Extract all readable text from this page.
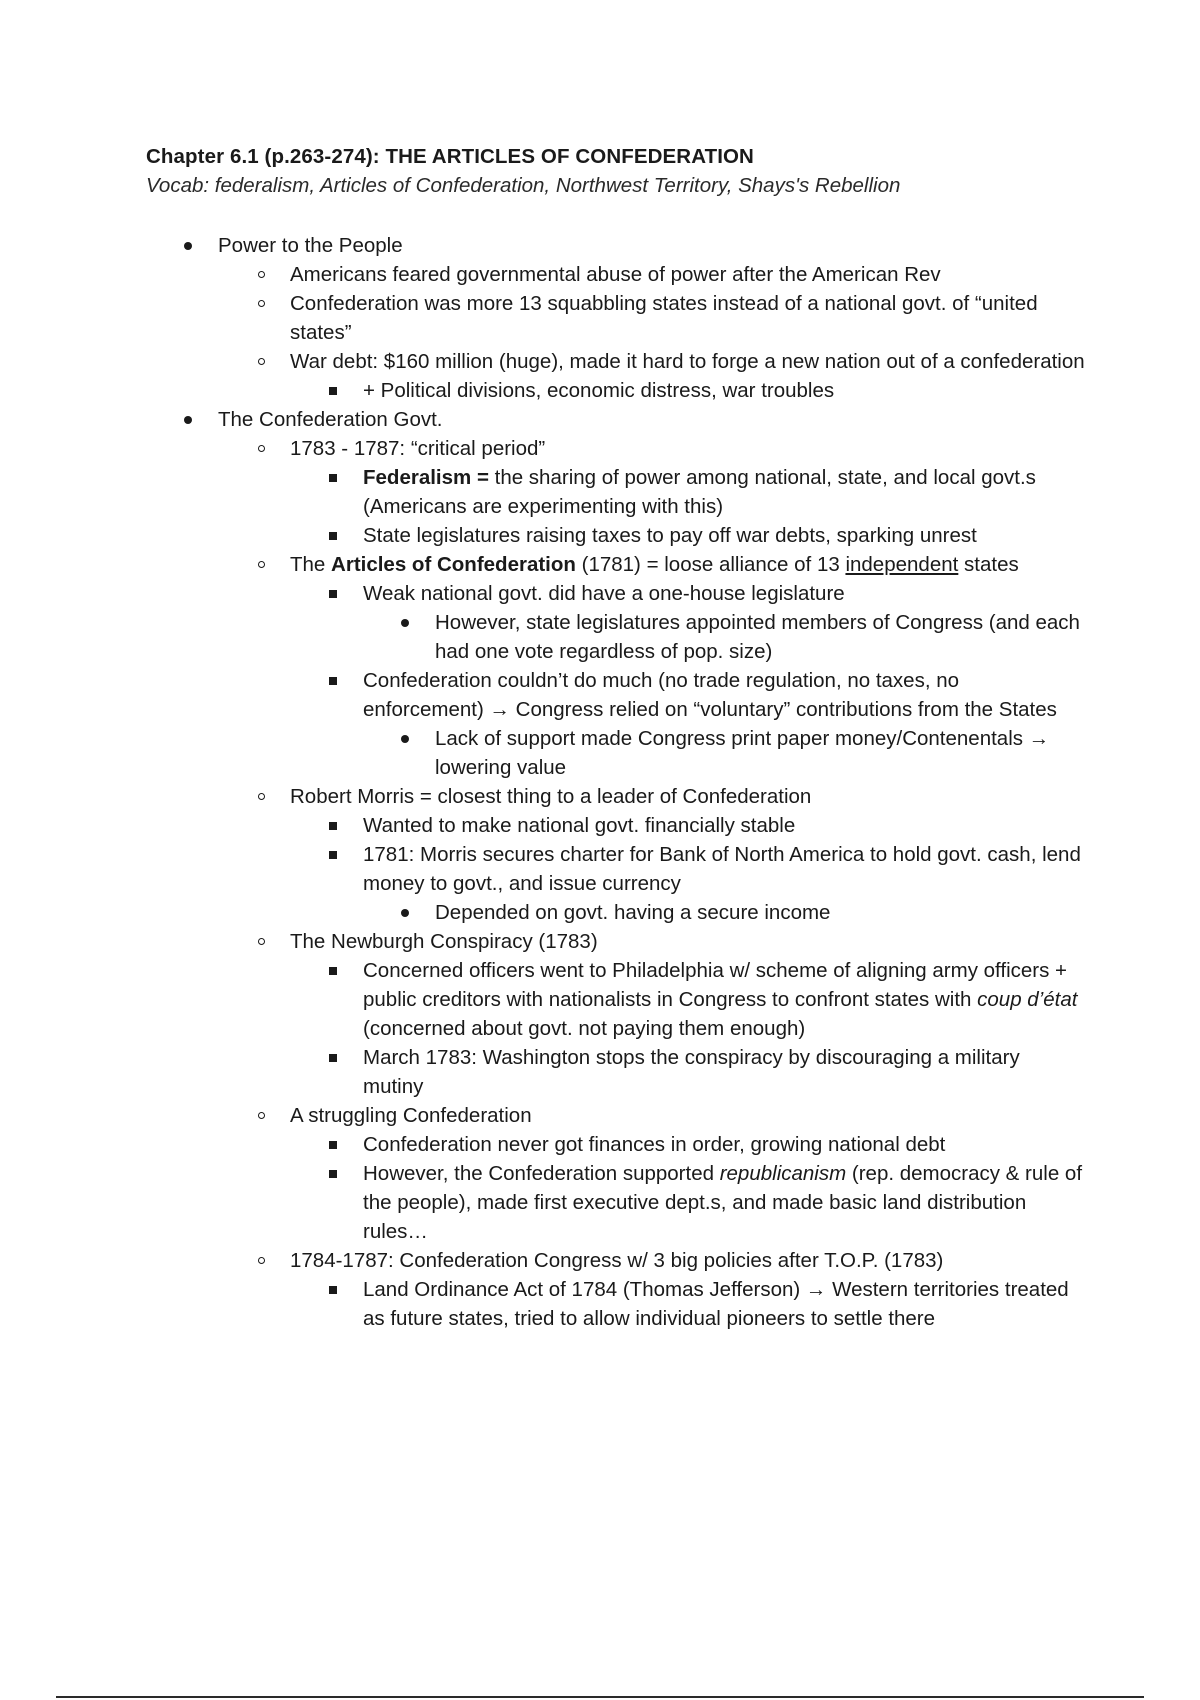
Chapter 6.1 (p.263-274): THE ARTICLES OF CONFEDERATION
Vocab: federalism, Articles of Confederation, Northwest Territory, Shays's Rebellion
Power to the People
Americans feared governmental abuse of power after the American Rev
Confederation was more 13 squabbling states instead of a national govt. of “united states”
War debt: $160 million (huge), made it hard to forge a new nation out of a confederation
+ Political divisions, economic distress, war troubles
The Confederation Govt.
1783 - 1787: “critical period”
Federalism = the sharing of power among national, state, and local govt.s (Americans are experimenting with this)
State legislatures raising taxes to pay off war debts, sparking unrest
The Articles of Confederation (1781) = loose alliance of 13 independent states
Weak national govt. did have a one-house legislature
However, state legislatures appointed members of Congress (and each had one vote regardless of pop. size)
Confederation couldn’t do much (no trade regulation, no taxes, no enforcement) → Congress relied on “voluntary” contributions from the States
Lack of support made Congress print paper money/Contenentals → lowering value
Robert Morris = closest thing to a leader of Confederation
Wanted to make national govt. financially stable
1781: Morris secures charter for Bank of North America to hold govt. cash, lend money to govt., and issue currency
Depended on govt. having a secure income
The Newburgh Conspiracy (1783)
Concerned officers went to Philadelphia w/ scheme of aligning army officers + public creditors with nationalists in Congress to confront states with coup d’état (concerned about govt. not paying them enough)
March 1783: Washington stops the conspiracy by discouraging a military mutiny
A struggling Confederation
Confederation never got finances in order, growing national debt
However, the Confederation supported republicanism (rep. democracy & rule of the people), made first executive dept.s, and made basic land distribution rules…
1784-1787: Confederation Congress w/ 3 big policies after T.O.P. (1783)
Land Ordinance Act of 1784 (Thomas Jefferson) → Western territories treated as future states, tried to allow individual pioneers to settle there
